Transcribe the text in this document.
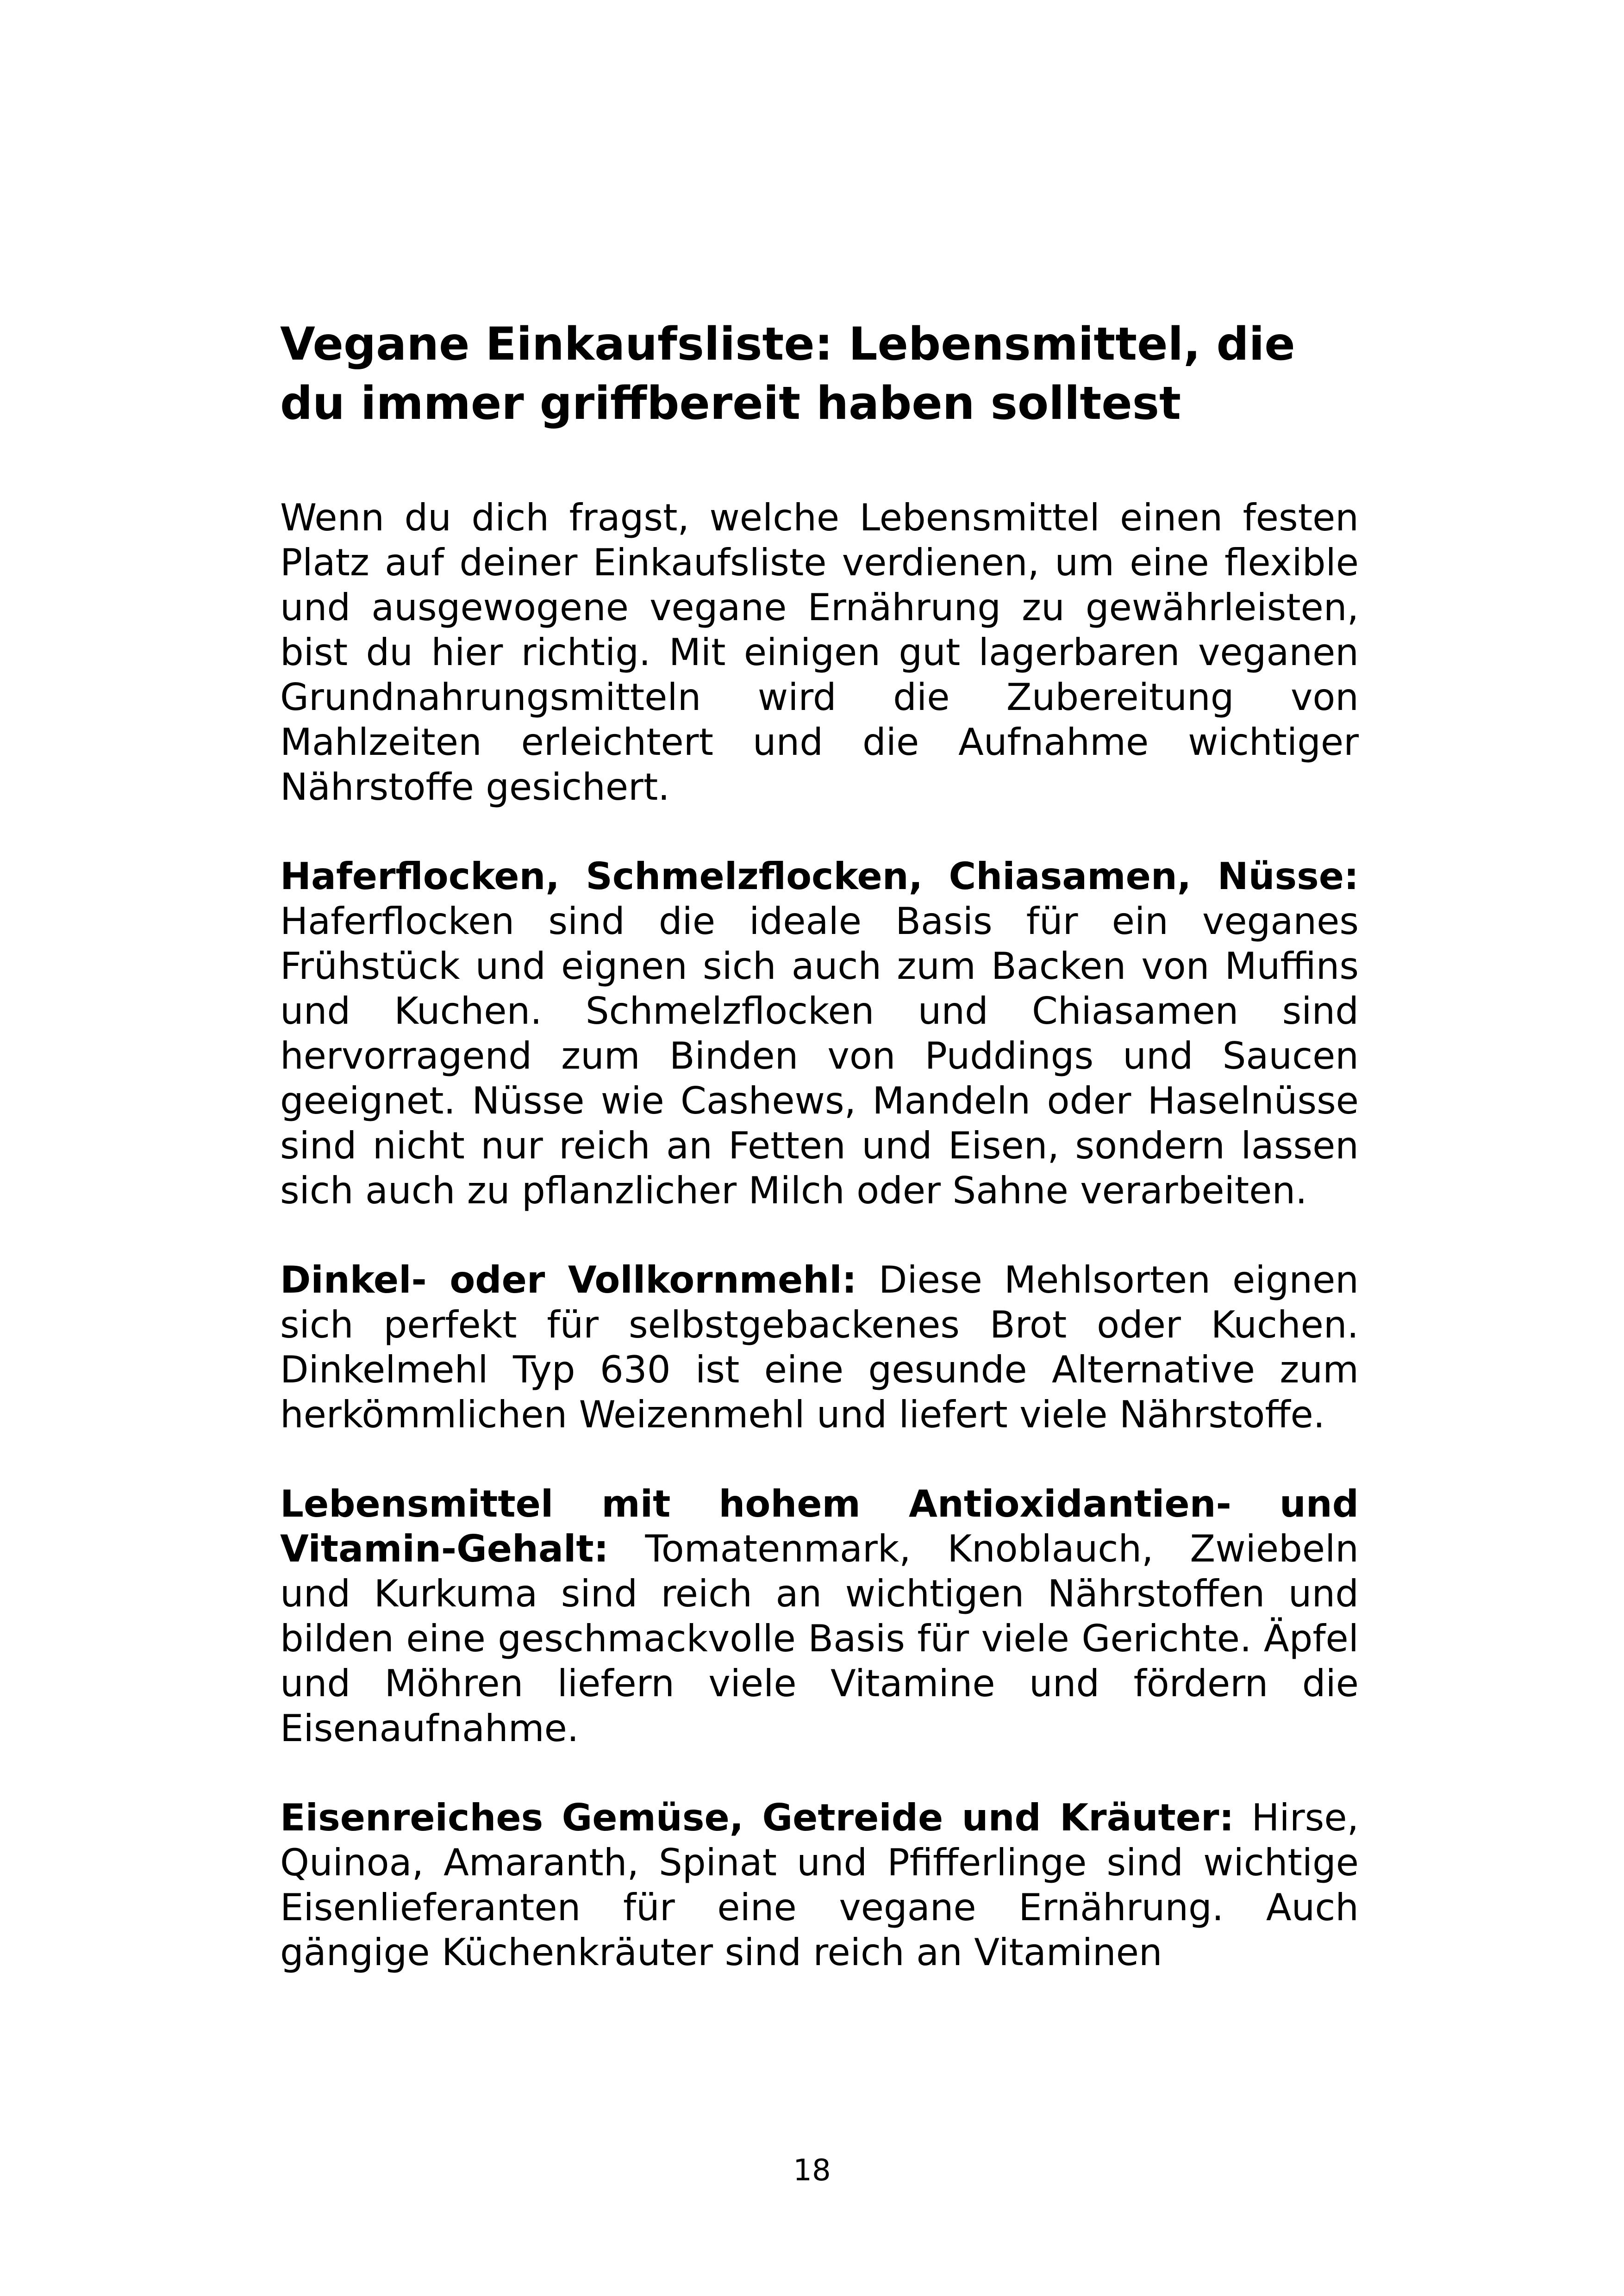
Vegane Einkaufsliste: Lebensmittel, die
du immer griffbereit haben solltest

Wenn du dich fragst, welche Lebensmittel einen festen Platz auf deiner Einkaufsliste verdienen, um eine flexible und ausgewogene vegane Ernährung zu gewährleisten, bist du hier richtig. Mit einigen gut lagerbaren veganen Grundnahrungsmitteln wird die Zubereitung von Mahlzeiten erleichtert und die Aufnahme wichtiger Nährstoffe gesichert.

Haferflocken, Schmelzflocken, Chiasamen, Nüsse: Haferflocken sind die ideale Basis für ein veganes Frühstück und eignen sich auch zum Backen von Muffins und Kuchen. Schmelzflocken und Chiasamen sind hervorragend zum Binden von Puddings und Saucen geeignet. Nüsse wie Cashews, Mandeln oder Haselnüsse sind nicht nur reich an Fetten und Eisen, sondern lassen sich auch zu pflanzlicher Milch oder Sahne verarbeiten.

Dinkel- oder Vollkornmehl: Diese Mehlsorten eignen sich perfekt für selbstgebackenes Brot oder Kuchen. Dinkelmehl Typ 630 ist eine gesunde Alternative zum herkömmlichen Weizenmehl und liefert viele Nährstoffe.

Lebensmittel mit hohem Antioxidantien- und Vitamin-Gehalt: Tomatenmark, Knoblauch, Zwiebeln und Kurkuma sind reich an wichtigen Nährstoffen und bilden eine geschmackvolle Basis für viele Gerichte. Äpfel und Möhren liefern viele Vitamine und fördern die Eisenaufnahme.

Eisenreiches Gemüse, Getreide und Kräuter: Hirse, Quinoa, Amaranth, Spinat und Pfifferlinge sind wichtige Eisenlieferanten für eine vegane Ernährung. Auch gängige Küchenkräuter sind reich an Vitaminen

18
